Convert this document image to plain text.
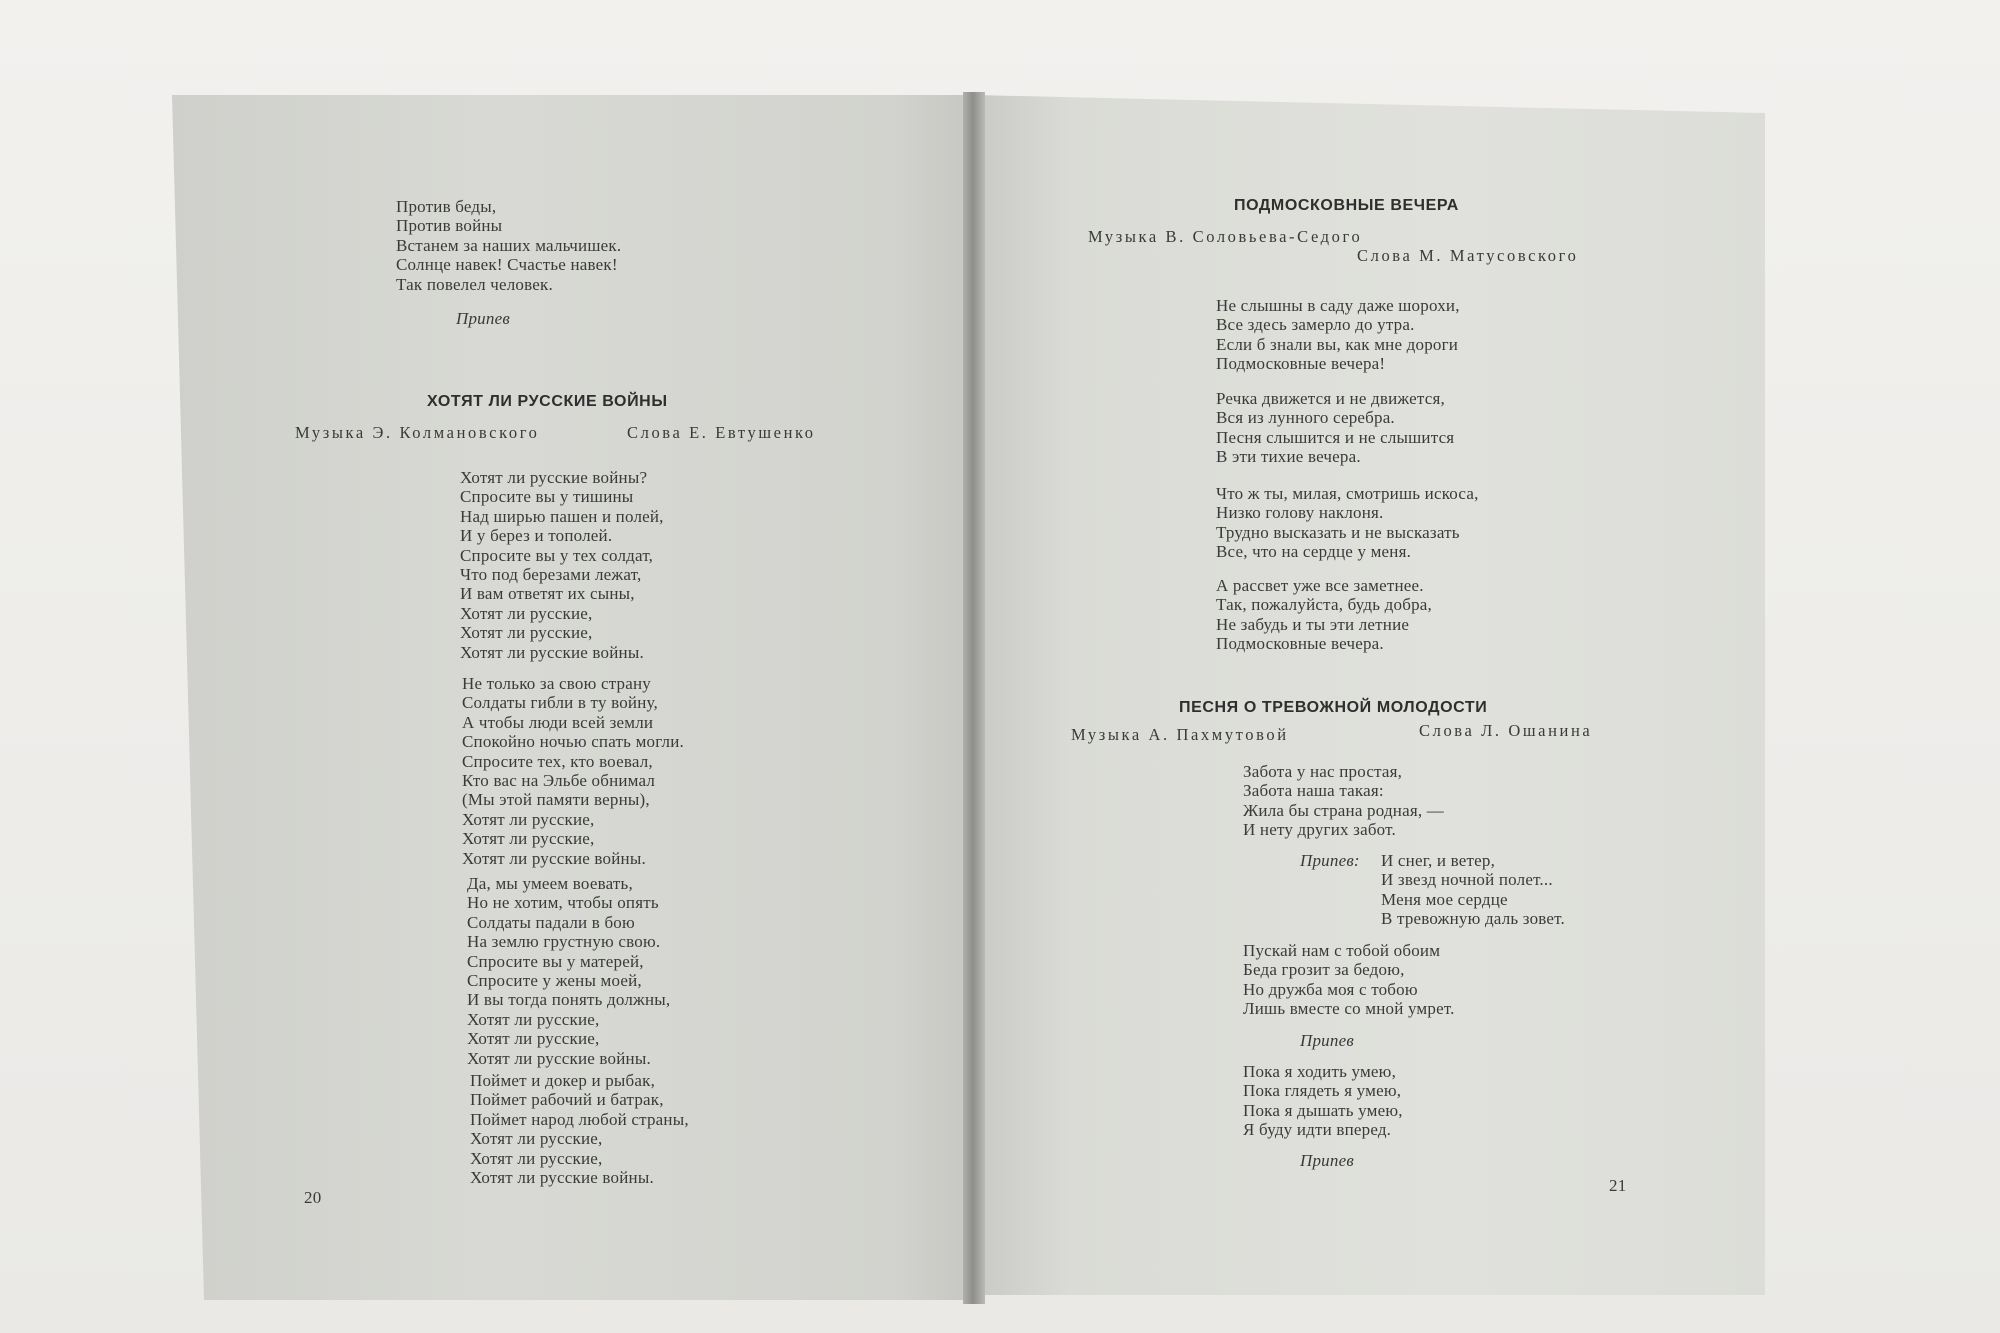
Против беды,
Против войны
Встанем за наших мальчишек.
Солнце навек! Счастье навек!
Так повелел человек.
Припев
ХОТЯТ ЛИ РУССКИЕ ВОЙНЫ
Музыка Э. Колмановского	Слова Е. Евтушенко
Хотят ли русские войны?
Спросите вы у тишины
Над ширью пашен и полей,
И у берез и тополей.
Спросите вы у тех солдат,
Что под березами лежат,
И вам ответят их сыны,
Хотят ли русские,
Хотят ли русские,
Хотят ли русские войны.
Не только за свою страну
Солдаты гибли в ту войну,
А чтобы люди всей земли
Спокойно ночью спать могли.
Спросите тех, кто воевал,
Кто вас на Эльбе обнимал
(Мы этой памяти верны),
Хотят ли русские,
Хотят ли русские,
Хотят ли русские войны.
Да, мы умеем воевать,
Но не хотим, чтобы опять
Солдаты падали в бою
На землю грустную свою.
Спросите вы у матерей,
Спросите у жены моей,
И вы тогда понять должны,
Хотят ли русские,
Хотят ли русские,
Хотят ли русские войны.
Поймет и докер и рыбак,
Поймет рабочий и батрак,
Поймет народ любой страны,
Хотят ли русские,
Хотят ли русские,
Хотят ли русские войны.
20
ПОДМОСКОВНЫЕ ВЕЧЕРА
Музыка В. Соловьева-Седого
Слова М. Матусовского
Не слышны в саду даже шорохи,
Все здесь замерло до утра.
Если б знали вы, как мне дороги
Подмосковные вечера!
Речка движется и не движется,
Вся из лунного серебра.
Песня слышится и не слышится
В эти тихие вечера.
Что ж ты, милая, смотришь искоса,
Низко голову наклоня.
Трудно высказать и не высказать
Все, что на сердце у меня.
А рассвет уже все заметнее.
Так, пожалуйста, будь добра,
Не забудь и ты эти летние
Подмосковные вечера.
ПЕСНЯ О ТРЕВОЖНОЙ МОЛОДОСТИ
Музыка А. Пахмутовой	Слова Л. Ошанина
Забота у нас простая,
Забота наша такая:
Жила бы страна родная, —
И нету других забот.
Припев: И снег, и ветер,
И звезд ночной полет...
Меня мое сердце
В тревожную даль зовет.
Пускай нам с тобой обоим
Беда грозит за бедою,
Но дружба моя с тобою
Лишь вместе со мной умрет.
Припев
Пока я ходить умею,
Пока глядеть я умею,
Пока я дышать умею,
Я буду идти вперед.
Припев
21
